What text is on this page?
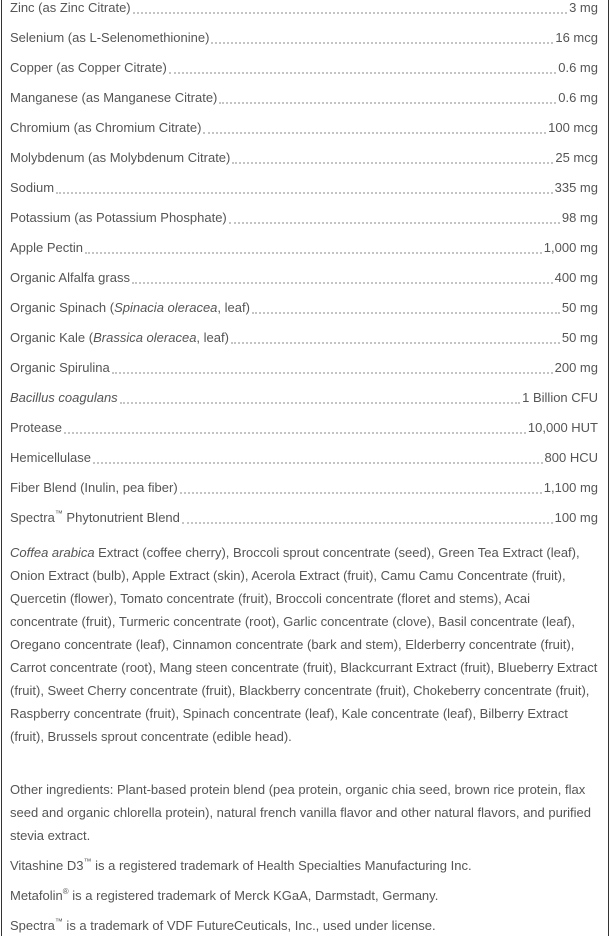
Zinc (as Zinc Citrate)	3 mg
Selenium (as L-Selenomethionine)	16 mcg
Copper (as Copper Citrate)	0.6 mg
Manganese (as Manganese Citrate)	0.6 mg
Chromium (as Chromium Citrate)	100 mcg
Molybdenum (as Molybdenum Citrate)	25 mcg
Sodium	335 mg
Potassium (as Potassium Phosphate)	98 mg
Apple Pectin	1,000 mg
Organic Alfalfa grass	400 mg
Organic Spinach (Spinacia oleracea, leaf)	50 mg
Organic Kale (Brassica oleracea, leaf)	50 mg
Organic Spirulina	200 mg
Bacillus coagulans	1 Billion CFU
Protease	10,000 HUT
Hemicellulase	800 HCU
Fiber Blend (Inulin, pea fiber)	1,100 mg
Spectra™ Phytonutrient Blend	100 mg

Coffea arabica Extract (coffee cherry), Broccoli sprout concentrate (seed), Green Tea Extract (leaf), Onion Extract (bulb), Apple Extract (skin), Acerola Extract (fruit), Camu Camu Concentrate (fruit), Quercetin (flower), Tomato concentrate (fruit), Broccoli concentrate (floret and stems), Acai concentrate (fruit), Turmeric concentrate (root), Garlic concentrate (clove), Basil concentrate (leaf), Oregano concentrate (leaf), Cinnamon concentrate (bark and stem), Elderberry concentrate (fruit), Carrot concentrate (root), Mang steen concentrate (fruit), Blackcurrant Extract (fruit), Blueberry Extract (fruit), Sweet Cherry concentrate (fruit), Blackberry concentrate (fruit), Chokeberry concentrate (fruit), Raspberry concentrate (fruit), Spinach concentrate (leaf), Kale concentrate (leaf), Bilberry Extract (fruit), Brussels sprout concentrate (edible head).

Other ingredients: Plant-based protein blend (pea protein, organic chia seed, brown rice protein, flax seed and organic chlorella protein), natural french vanilla flavor and other natural flavors, and purified stevia extract.

Vitashine D3™ is a registered trademark of Health Specialties Manufacturing Inc.

Metafolin® is a registered trademark of Merck KGaA, Darmstadt, Germany.

Spectra™ is a trademark of VDF FutureCeuticals, Inc., used under license.
